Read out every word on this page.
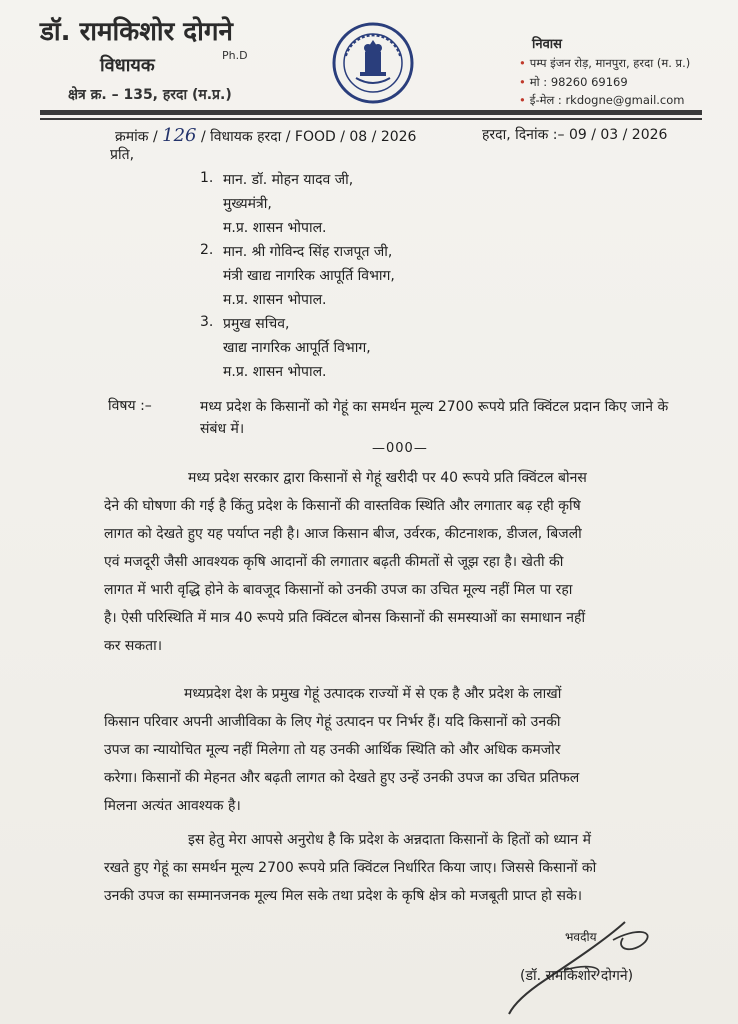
डॉ. रामकिशोर दोगने
Ph.D
विधायक
क्षेत्र क्र. – 135, हरदा (म.प्र.)
निवास
• पम्प इंजन रोड़, मानपुरा, हरदा (म. प्र.)
• मो : 98260 69169
• ई-मेल : rkdogne@gmail.com
क्रमांक / 126 / विधायक हरदा / FOOD / 08 / 2026	हरदा, दिनांक :– 09 / 03 / 2026
प्रति,
1. मान. डॉ. मोहन यादव जी,
मुख्यमंत्री,
म.प्र. शासन भोपाल.
2. मान. श्री गोविन्द सिंह राजपूत जी,
मंत्री खाद्य नागरिक आपूर्ति विभाग,
म.प्र. शासन भोपाल.
3. प्रमुख सचिव,
खाद्य नागरिक आपूर्ति विभाग,
म.प्र. शासन भोपाल.
विषय :–	मध्य प्रदेश के किसानों को गेहूं का समर्थन मूल्य 2700 रूपये प्रति क्विंटल प्रदान किए जाने के संबंध में।
—000—
मध्य प्रदेश सरकार द्वारा किसानों से गेहूं खरीदी पर 40 रूपये प्रति क्विंटल बोनस
देने की घोषणा की गई है किंतु प्रदेश के किसानों की वास्तविक स्थिति और लगातार बढ़ रही कृषि
लागत को देखते हुए यह पर्याप्त नही है। आज किसान बीज, उर्वरक, कीटनाशक, डीजल, बिजली
एवं मजदूरी जैसी आवश्यक कृषि आदानों की लगातार बढ़ती कीमतों से जूझ रहा है। खेती की
लागत में भारी वृद्धि होने के बावजूद किसानों को उनकी उपज का उचित मूल्य नहीं मिल पा रहा
है। ऐसी परिस्थिति में मात्र 40 रूपये प्रति क्विंटल बोनस किसानों की समस्याओं का समाधान नहीं
कर सकता।
मध्यप्रदेश देश के प्रमुख गेहूं उत्पादक राज्यों में से एक है और प्रदेश के लाखों
किसान परिवार अपनी आजीविका के लिए गेहूं उत्पादन पर निर्भर हैं। यदि किसानों को उनकी
उपज का न्यायोचित मूल्य नहीं मिलेगा तो यह उनकी आर्थिक स्थिति को और अधिक कमजोर
करेगा। किसानों की मेहनत और बढ़ती लागत को देखते हुए उन्हें उनकी उपज का उचित प्रतिफल
मिलना अत्यंत आवश्यक है।
इस हेतु मेरा आपसे अनुरोध है कि प्रदेश के अन्नदाता किसानों के हितों को ध्यान में
रखते हुए गेहूं का समर्थन मूल्य 2700 रूपये प्रति क्विंटल निर्धारित किया जाए। जिससे किसानों को
उनकी उपज का सम्मानजनक मूल्य मिल सके तथा प्रदेश के कृषि क्षेत्र को मजबूती प्राप्त हो सके।
भवदीय
(डॉ. रामकिशोर दोगने)
